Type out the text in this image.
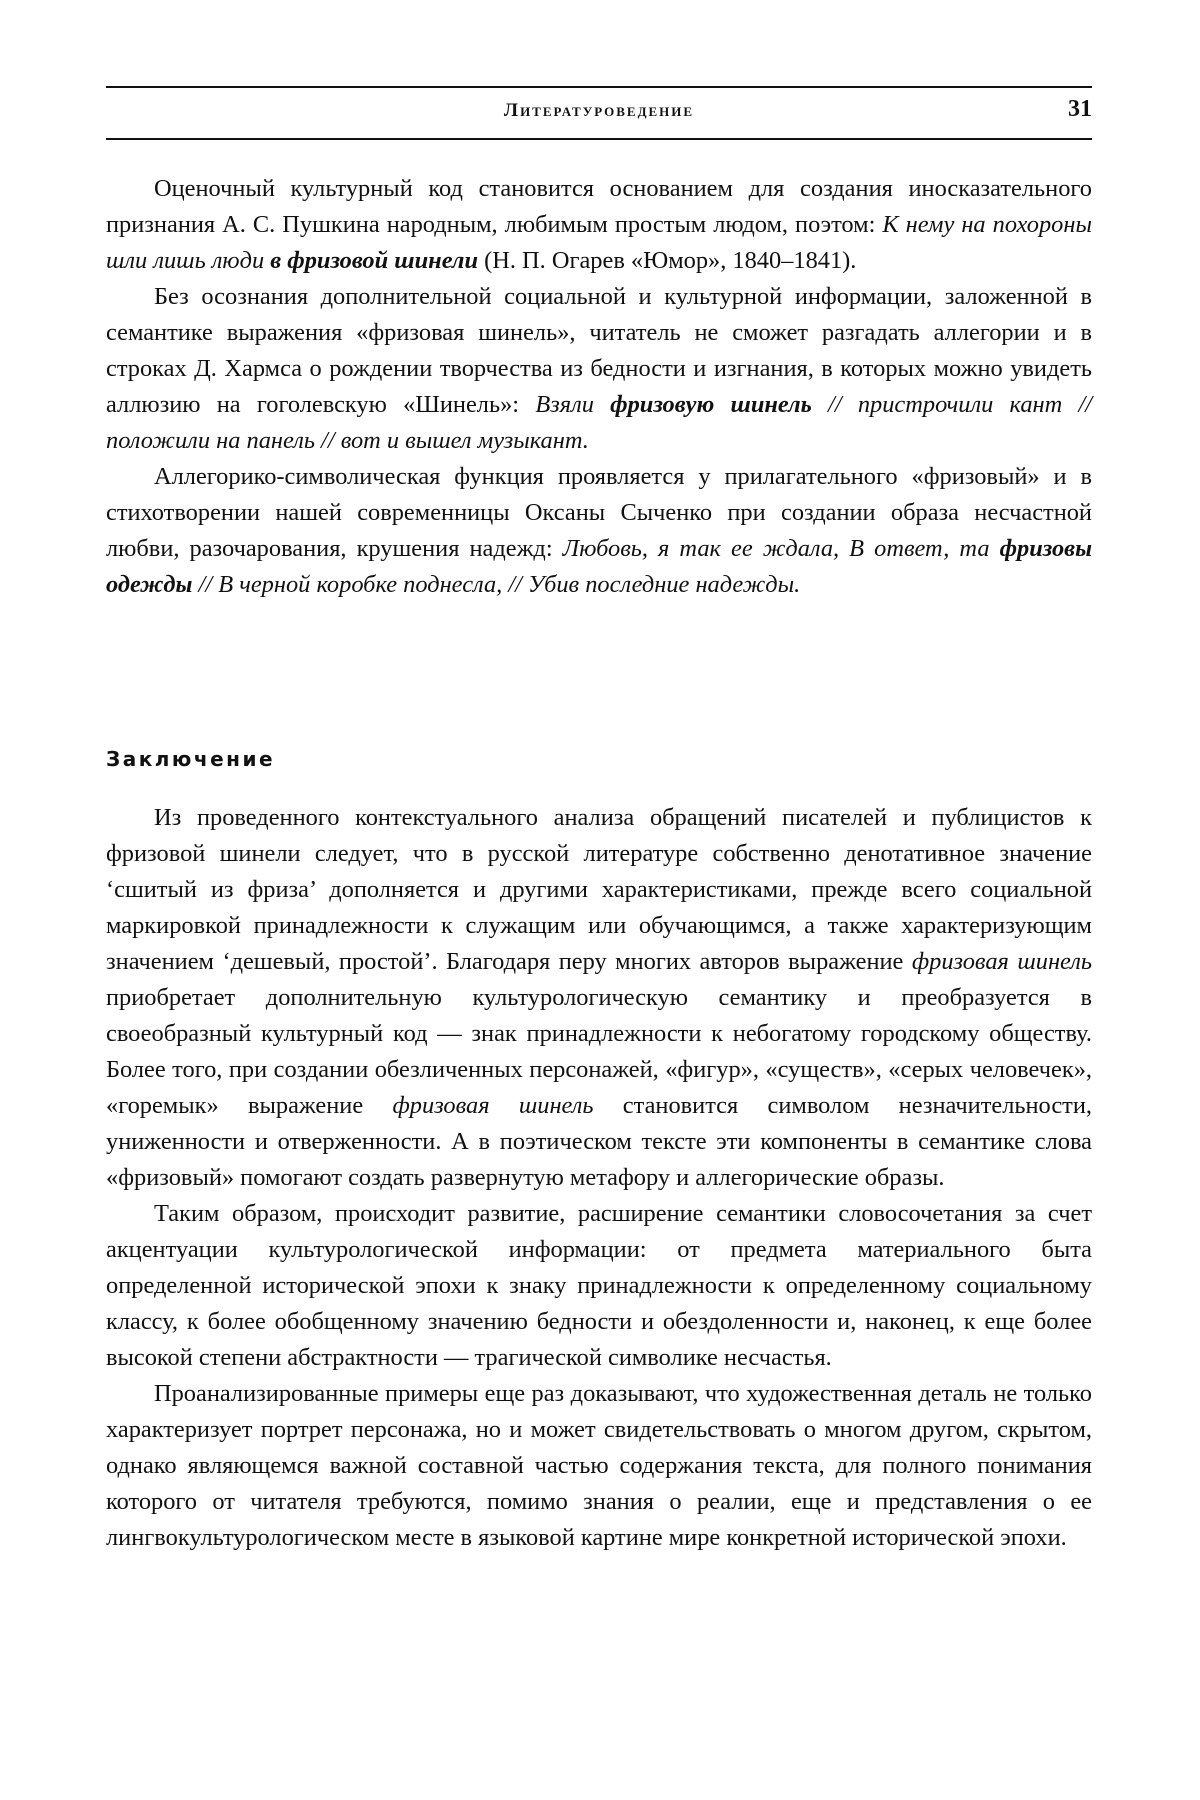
Литературоведение	31

Оценочный культурный код становится основанием для создания иносказательного признания А. С. Пушкина народным, любимым простым людом, поэтом: К нему на похороны шли лишь люди в фризовой шинели (Н. П. Огарев «Юмор», 1840–1841).

Без осознания дополнительной социальной и культурной информации, заложенной в семантике выражения «фризовая шинель», читатель не сможет разгадать аллегории и в строках Д. Хармса о рождении творчества из бедности и изгнания, в которых можно увидеть аллюзию на гоголевскую «Шинель»: Взяли фризовую шинель // пристрочили кант // положили на панель // вот и вышел музыкант.

Аллегорико-символическая функция проявляется у прилагательного «фризовый» и в стихотворении нашей современницы Оксаны Сыченко при создании образа несчастной любви, разочарования, крушения надежд: Любовь, я так ее ждала, В ответ, та фризовы одежды // В черной коробке поднесла, // Убив последние надежды.

Заключение

Из проведенного контекстуального анализа обращений писателей и публицистов к фризовой шинели следует, что в русской литературе собственно денотативное значение ‘сшитый из фриза’ дополняется и другими характеристиками, прежде всего социальной маркировкой принадлежности к служащим или обучающимся, а также характеризующим значением ‘дешевый, простой’. Благодаря перу многих авторов выражение фризовая шинель приобретает дополнительную культурологическую семантику и преобразуется в своеобразный культурный код — знак принадлежности к небогатому городскому обществу. Более того, при создании обезличенных персонажей, «фигур», «существ», «серых человечек», «горемык» выражение фризовая шинель становится символом незначительности, униженности и отверженности. А в поэтическом тексте эти компоненты в семантике слова «фризовый» помогают создать развернутую метафору и аллегорические образы.

Таким образом, происходит развитие, расширение семантики словосочетания за счет акцентуации культурологической информации: от предмета материального быта определенной исторической эпохи к знаку принадлежности к определенному социальному классу, к более обобщенному значению бедности и обездоленности и, наконец, к еще более высокой степени абстрактности — трагической символике несчастья.

Проанализированные примеры еще раз доказывают, что художественная деталь не только характеризует портрет персонажа, но и может свидетельствовать о многом другом, скрытом, однако являющемся важной составной частью содержания текста, для полного понимания которого от читателя требуются, помимо знания о реалии, еще и представления о ее лингвокультурологическом месте в языковой картине мире конкретной исторической эпохи.
